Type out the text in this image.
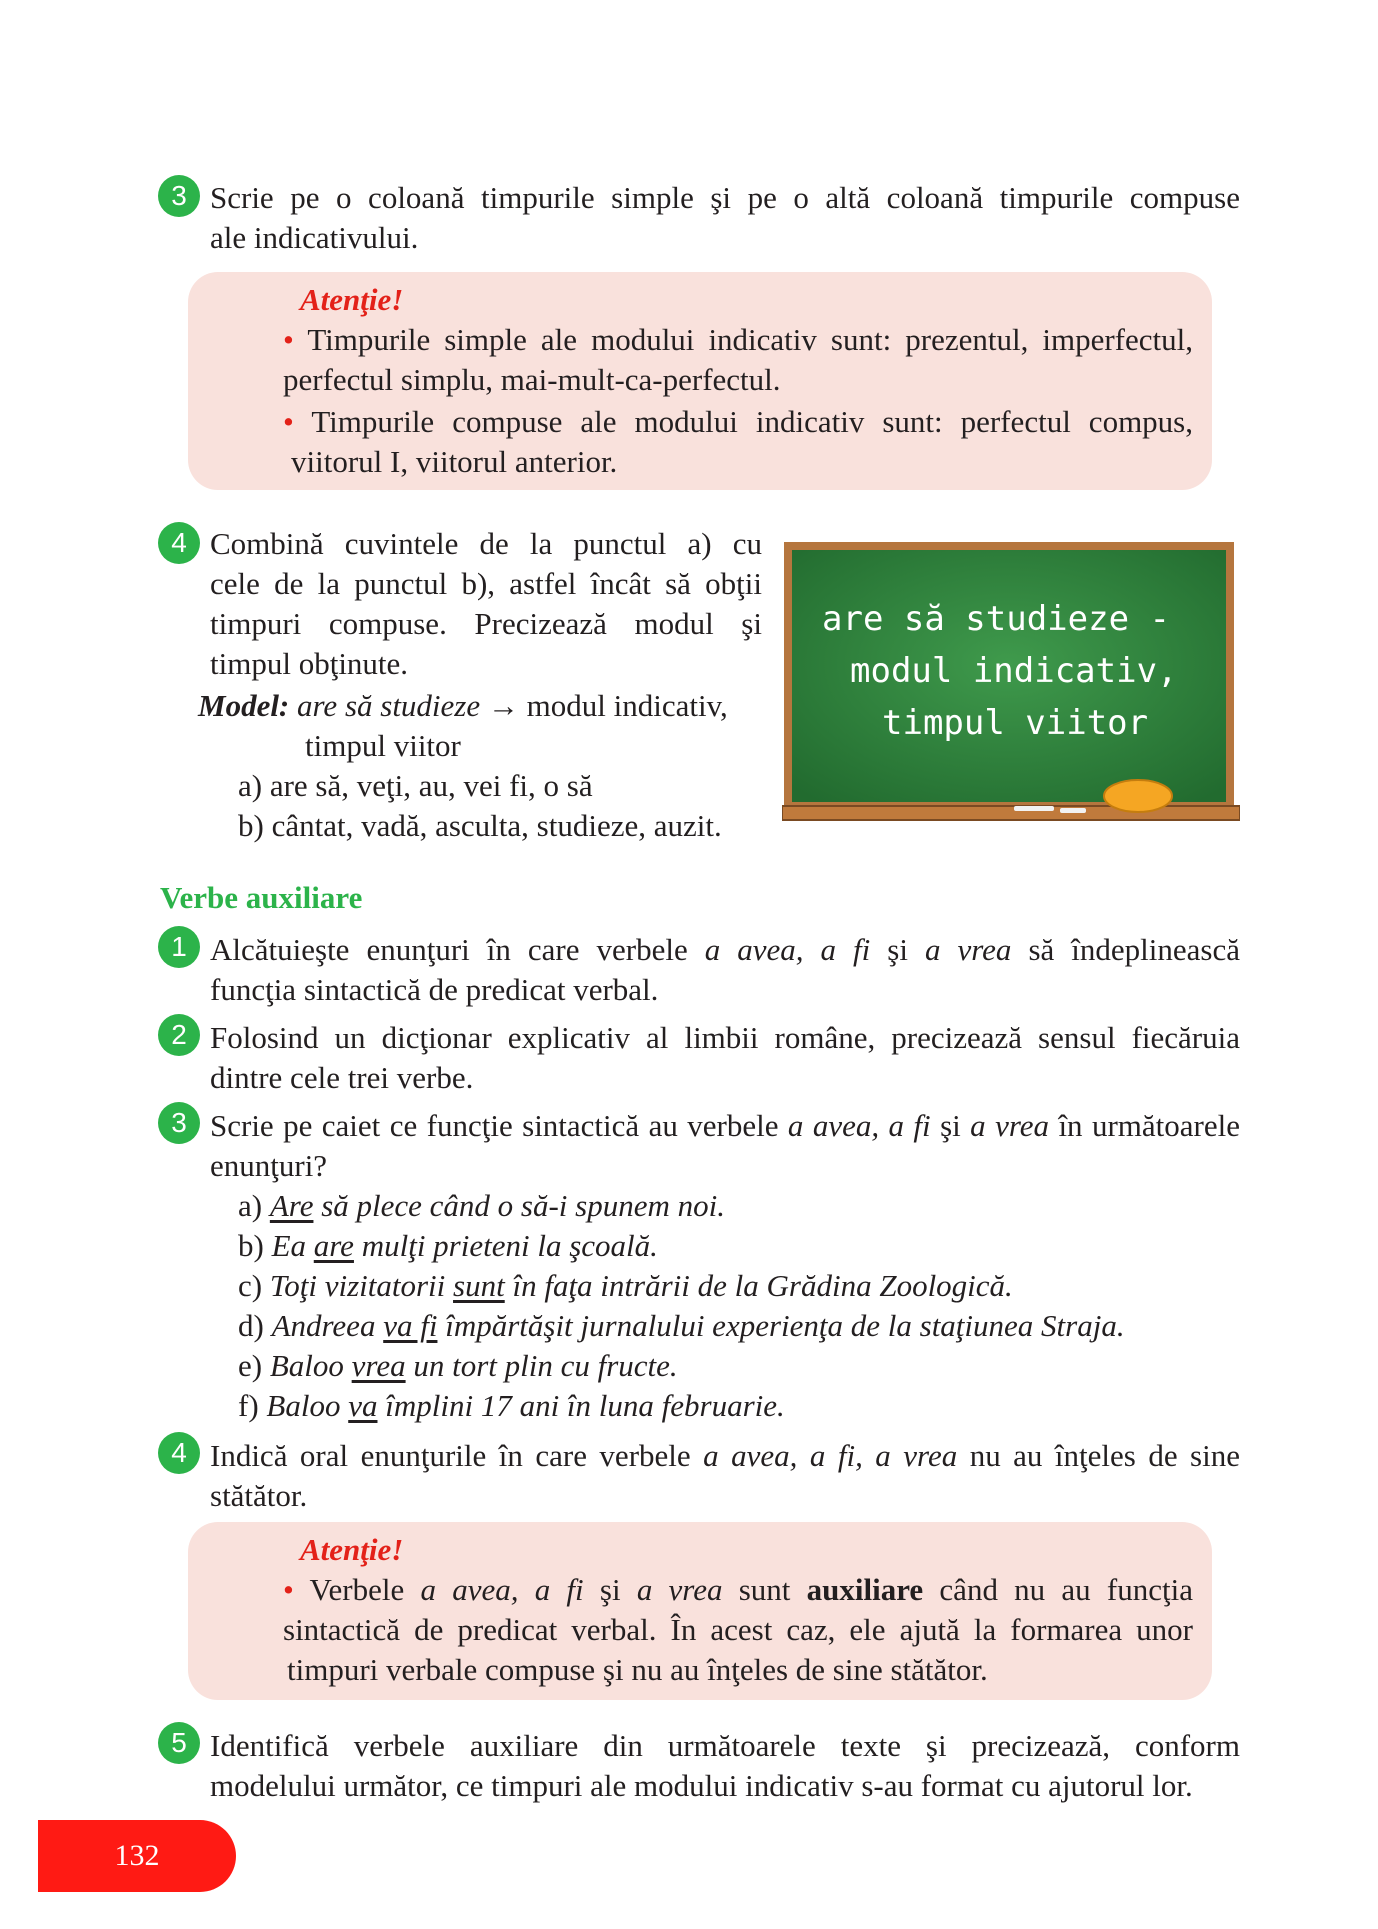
3 Scrie pe o coloană timpurile simple şi pe o altă coloană timpurile compuse
ale indicativului.
Atenţie!
• Timpurile simple ale modului indicativ sunt: prezentul, imperfectul,
perfectul simplu, mai-mult-ca-perfectul.
• Timpurile compuse ale modului indicativ sunt: perfectul compus,
viitorul I, viitorul anterior.
4 Combină cuvintele de la punctul a) cu
cele de la punctul b), astfel încât să obţii
timpuri compuse. Precizează modul şi
timpul obţinute.
Model: are să studieze → modul indicativ,
timpul viitor
a) are să, veţi, au, vei fi, o să
b) cântat, vadă, asculta, studieze, auzit.
are să studieze -
modul indicativ,
timpul viitor
Verbe auxiliare
1 Alcătuieşte enunţuri în care verbele a avea, a fi şi a vrea să îndeplinească
funcţia sintactică de predicat verbal.
2 Folosind un dicţionar explicativ al limbii române, precizează sensul fiecăruia
dintre cele trei verbe.
3 Scrie pe caiet ce funcţie sintactică au verbele a avea, a fi şi a vrea în următoarele
enunţuri?
a) Are să plece când o să-i spunem noi.
b) Ea are mulţi prieteni la şcoală.
c) Toţi vizitatorii sunt în faţa intrării de la Grădina Zoologică.
d) Andreea va fi împărtăşit jurnalului experienţa de la staţiunea Straja.
e) Baloo vrea un tort plin cu fructe.
f) Baloo va împlini 17 ani în luna februarie.
4 Indică oral enunţurile în care verbele a avea, a fi, a vrea nu au înţeles de sine
stătător.
Atenţie!
• Verbele a avea, a fi şi a vrea sunt auxiliare când nu au funcţia
sintactică de predicat verbal. În acest caz, ele ajută la formarea unor
timpuri verbale compuse şi nu au înţeles de sine stătător.
5 Identifică verbele auxiliare din următoarele texte şi precizează, conform
modelului următor, ce timpuri ale modului indicativ s-au format cu ajutorul lor.
132
